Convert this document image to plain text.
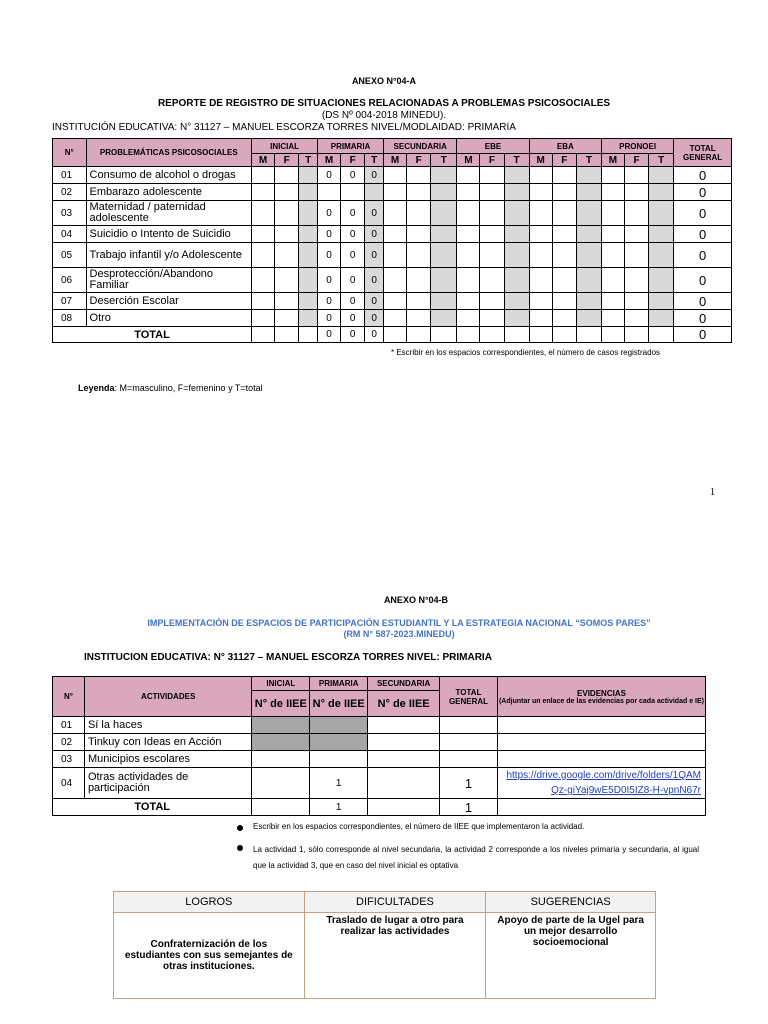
ANEXO N°04-A
REPORTE DE REGISTRO DE SITUACIONES RELACIONADAS A PROBLEMAS PSICOSOCIALES
(DS Nº 004-2018 MINEDU).
INSTITUCIÓN EDUCATIVA: N° 31127 – MANUEL ESCORZA TORRES NIVEL/MODLAIDAD: PRIMARIA
N°	PROBLEMÁTICAS PSICOSOCIALES	INICIAL			PRIMARIA			SECUNDARIA			EBE			EBA			PRONOEI			TOTAL GENERAL
		M	F	T	M	F	T	M	F	T	M	F	T	M	F	T	M	F	T	
01	Consumo de alcohol o drogas				0	0	0													0
02	Embarazo adolescente																			0
03	Maternidad / paternidad adolescente				0	0	0													0
04	Suicidio o Intento de Suicidio				0	0	0													0
05	Trabajo infantil y/o Adolescente				0	0	0													0
06	Desprotección/Abandono Familiar				0	0	0													0
07	Deserción Escolar				0	0	0													0
08	Otro				0	0	0													0
TOTAL					0	0	0													0
* Escribir en los espacios correspondientes, el número de casos registrados
Leyenda: M=masculino, F=femenino y T=total
1
ANEXO N°04-B
IMPLEMENTACIÓN DE ESPACIOS DE PARTICIPACIÓN ESTUDIANTIL Y LA ESTRATEGIA NACIONAL “SOMOS PARES”
(RM N° 587-2023.MINEDU)
INSTITUCION EDUCATIVA: N° 31127 – MANUEL ESCORZA TORRES NIVEL: PRIMARIA
N°	ACTIVIDADES	INICIAL	PRIMARIA	SECUNDARIA	TOTAL GENERAL	EVIDENCIAS
(Adjuntar un enlace de las evidencias por cada actividad e IE)

		N° de IIEE	N° de IIEE	N° de IIEE		
01	Sí la haces					
02	Tinkuy con Ideas en Acción					
03	Municipios escolares					
04	Otras actividades de participación		1		1	https://drive.google.com/drive/folders/1QAMQz-giYaj9wE5D0I5IZ8-H-vpnN67r
TOTAL			1		1	
Escribir en los espacios correspondientes, el número de IIEE que implementaron la actividad.
La actividad 1, sólo corresponde al nivel secundaria, la actividad 2 corresponde a los niveles primaria y secundaria, al igual que la actividad 3, que en caso del nivel inicial es optativa
LOGROS	DIFICULTADES	SUGERENCIAS
Confraternización de los estudiantes con sus semejantes de otras instituciones.	Traslado de lugar a otro para realizar las actividades	Apoyo de parte de la Ugel para un mejor desarrollo socioemocional
